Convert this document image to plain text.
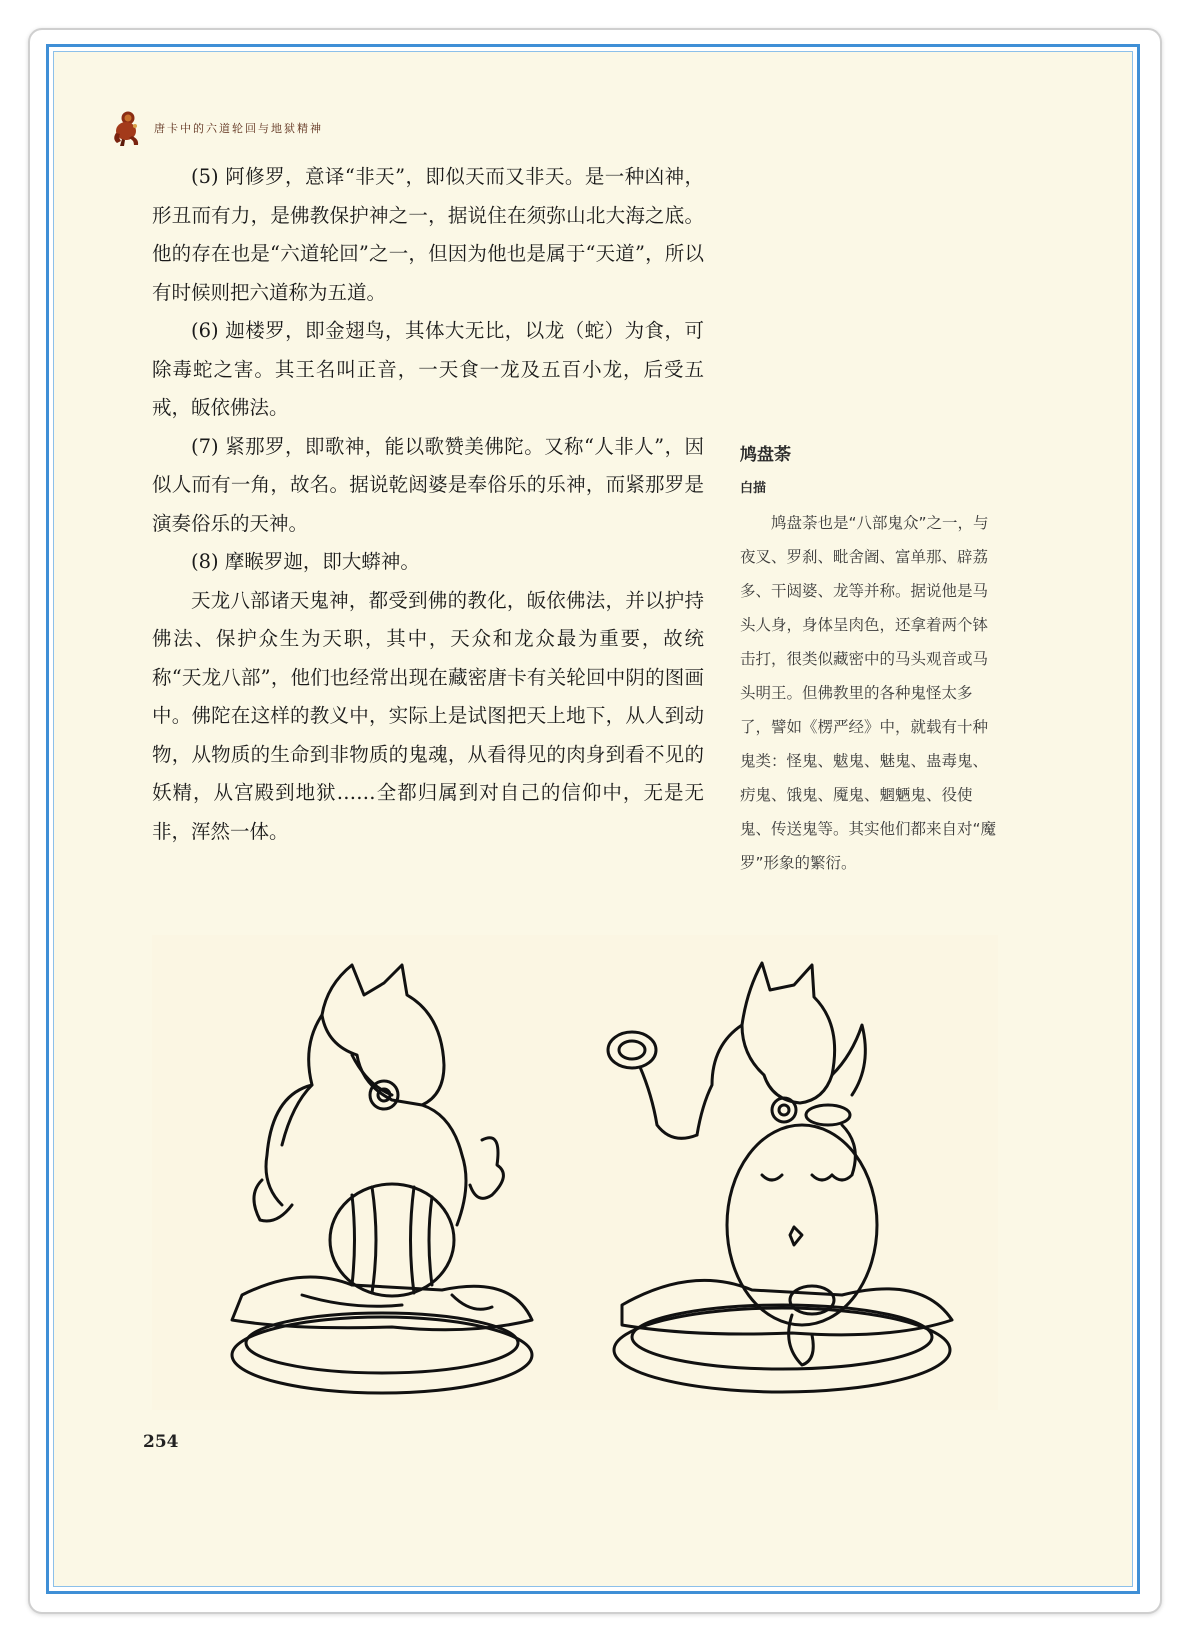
唐卡中的六道轮回与地狱精神

(5) 阿修罗，意译“非天”，即似天而又非天。是一种凶神，形丑而有力，是佛教保护神之一，据说住在须弥山北大海之底。他的存在也是“六道轮回”之一，但因为他也是属于“天道”，所以有时候则把六道称为五道。

(6) 迦楼罗，即金翅鸟，其体大无比，以龙（蛇）为食，可除毒蛇之害。其王名叫正音，一天食一龙及五百小龙，后受五戒，皈依佛法。

(7) 紧那罗，即歌神，能以歌赞美佛陀。又称“人非人”，因似人而有一角，故名。据说乾闼婆是奉俗乐的乐神，而紧那罗是演奏俗乐的天神。

(8) 摩睺罗迦，即大蟒神。

天龙八部诸天鬼神，都受到佛的教化，皈依佛法，并以护持佛法、保护众生为天职，其中，天众和龙众最为重要，故统称“天龙八部”，他们也经常出现在藏密唐卡有关轮回中阴的图画中。佛陀在这样的教义中，实际上是试图把天上地下，从人到动物，从物质的生命到非物质的鬼魂，从看得见的肉身到看不见的妖精，从宫殿到地狱……全都归属到对自己的信仰中，无是无非，浑然一体。

鸠盘荼
白描

鸠盘荼也是“八部鬼众”之一，与夜叉、罗刹、毗舍阇、富单那、辟荔多、干闼婆、龙等并称。据说他是马头人身，身体呈肉色，还拿着两个钵击打，很类似藏密中的马头观音或马头明王。但佛教里的各种鬼怪太多了，譬如《楞严经》中，就载有十种鬼类：怪鬼、魃鬼、魅鬼、蛊毒鬼、疠鬼、饿鬼、魇鬼、魍魉鬼、役使鬼、传送鬼等。其实他们都来自对“魔罗”形象的繁衍。

254
